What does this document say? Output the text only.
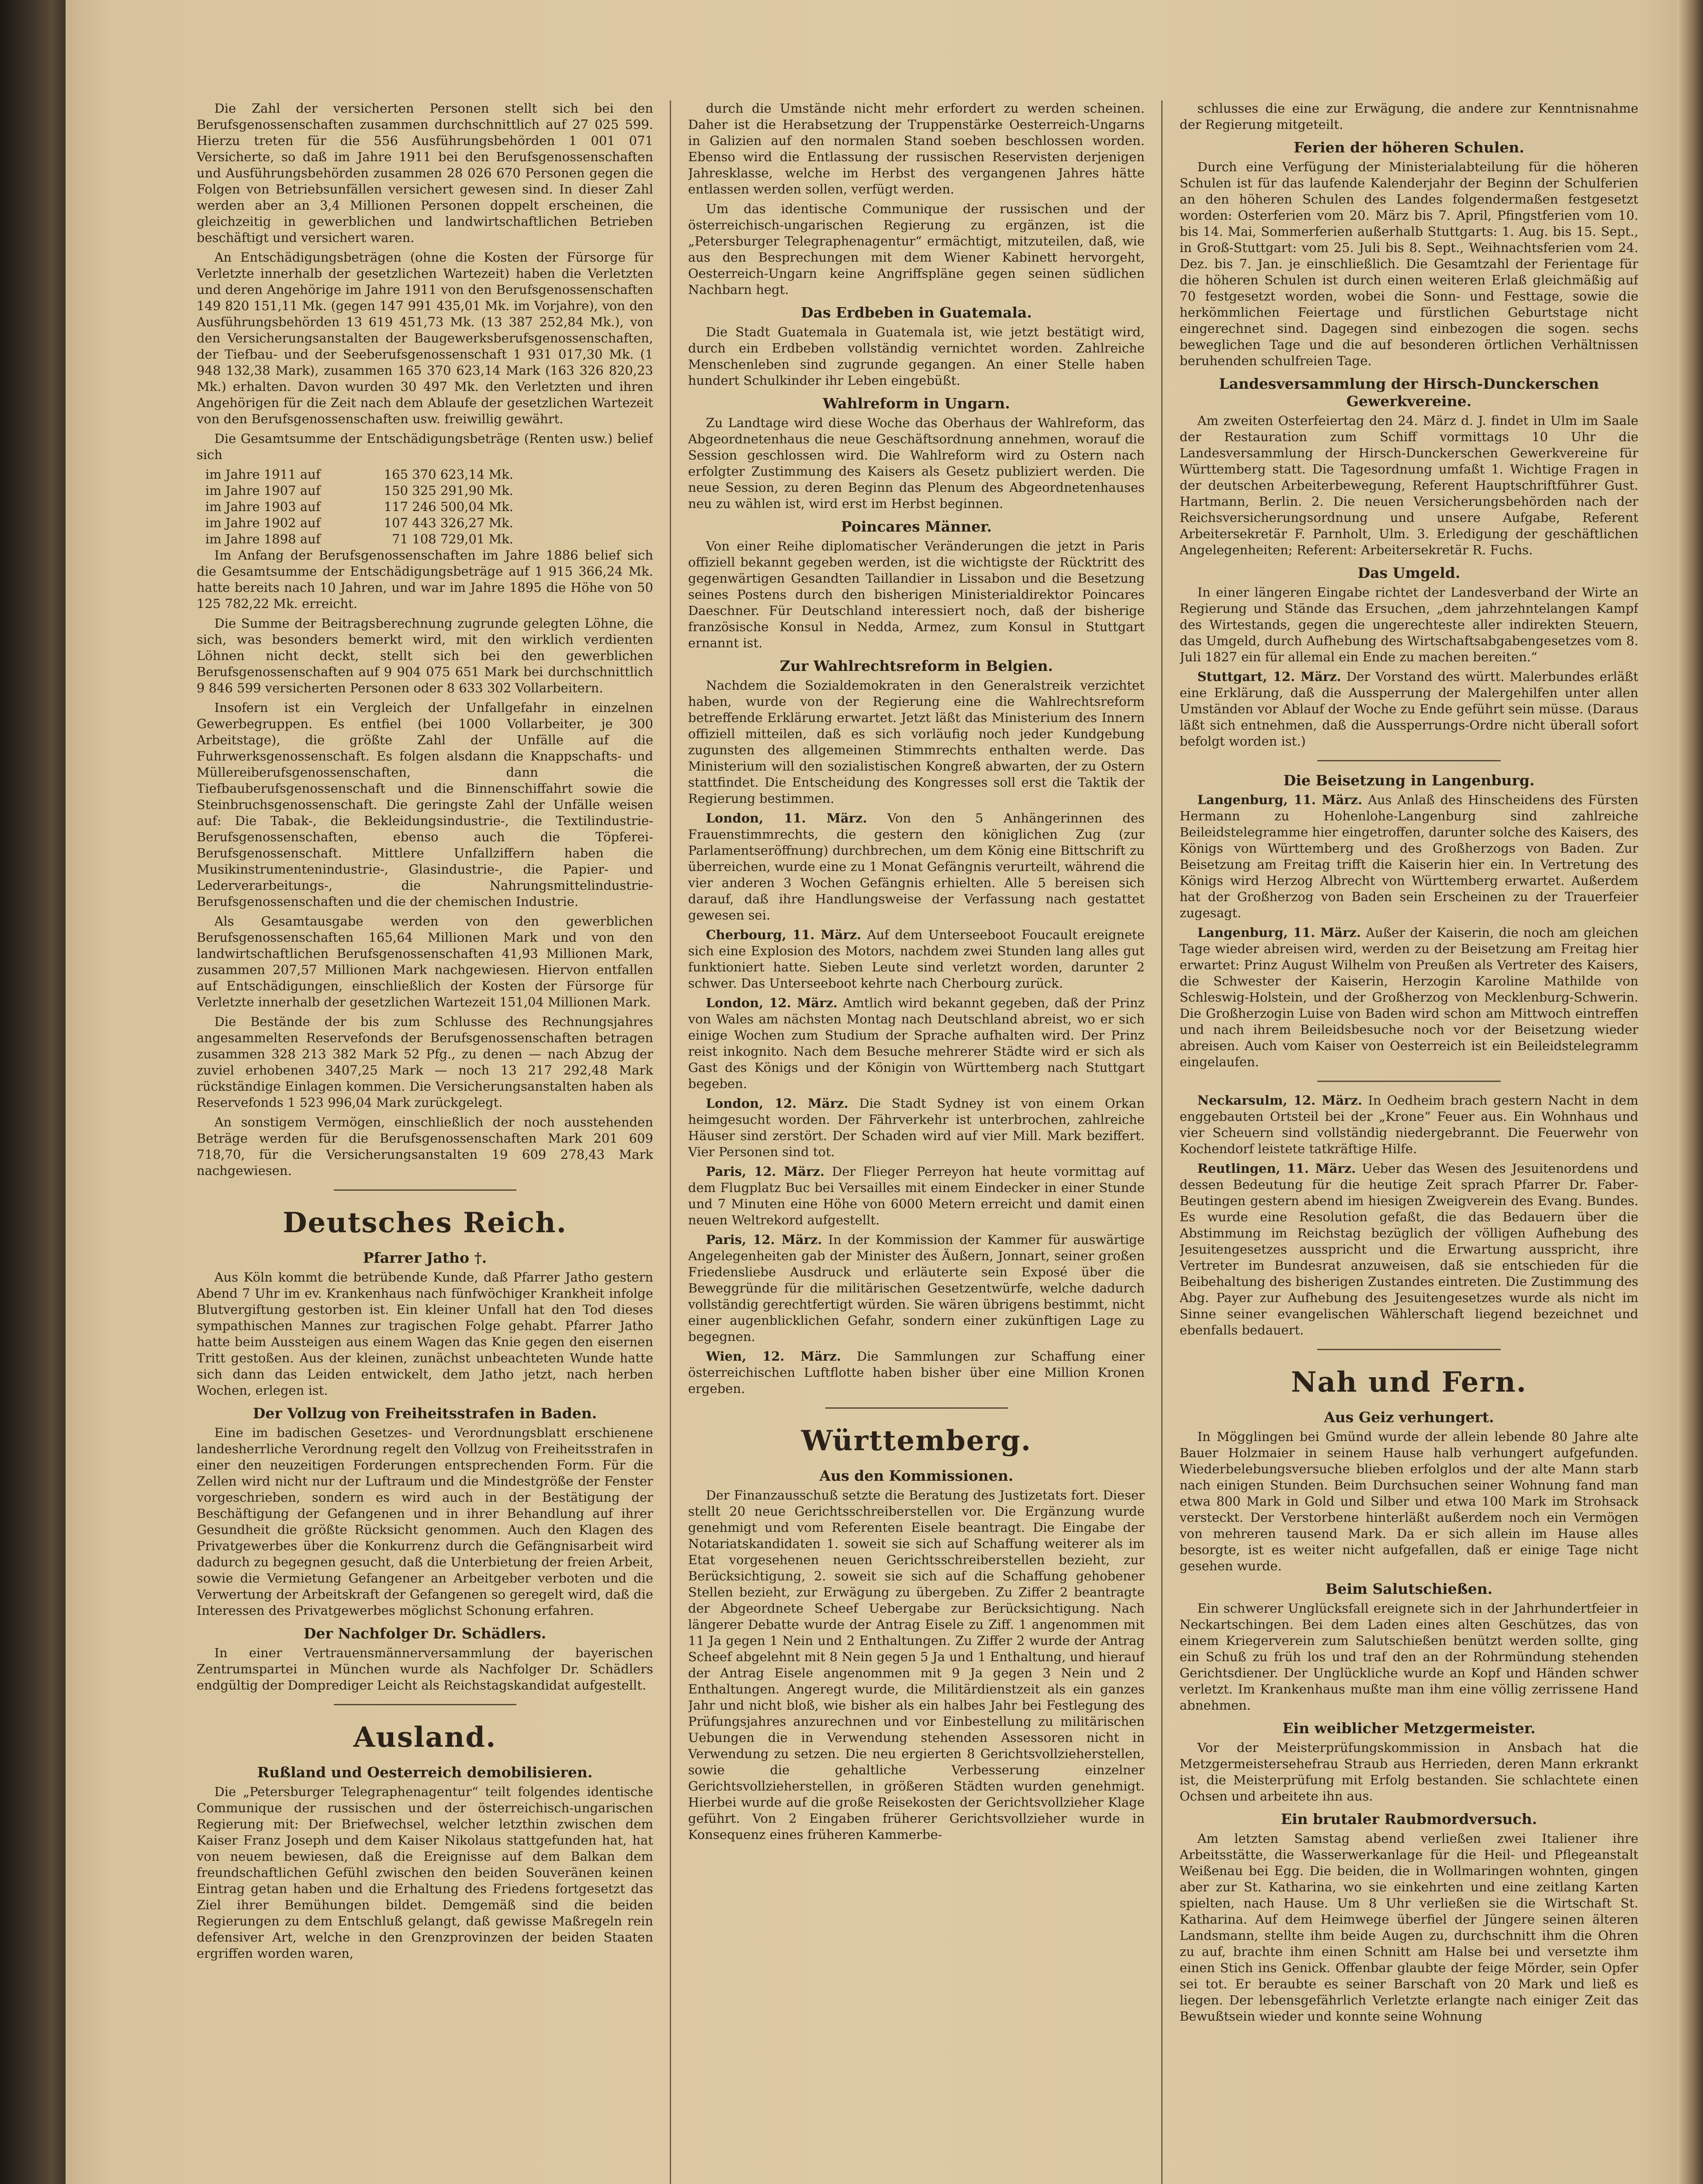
Die Zahl der versicherten Personen stellt sich bei den Berufsgenossenschaften zusammen durchschnittlich auf 27 025 599. Hierzu treten für die 556 Ausführungsbehörden 1 001 071 Versicherte, so daß im Jahre 1911 bei den Berufsgenossenschaften und Ausführungsbehörden zusammen 28 026 670 Personen gegen die Folgen von Betriebsunfällen versichert gewesen sind. In dieser Zahl werden aber an 3,4 Millionen Personen doppelt erscheinen, die gleichzeitig in gewerblichen und landwirtschaftlichen Betrieben beschäftigt und versichert waren.

An Entschädigungsbeträgen (ohne die Kosten der Fürsorge für Verletzte innerhalb der gesetzlichen Wartezeit) haben die Verletzten und deren Angehörige im Jahre 1911 von den Berufsgenossenschaften 149 820 151,11 Mk. (gegen 147 991 435,01 Mk. im Vorjahre), von den Ausführungsbehörden 13 619 451,73 Mk. (13 387 252,84 Mk.), von den Versicherungsanstalten der Baugewerksberufsgenossenschaften, der Tiefbau- und der Seeberufsgenossenschaft 1 931 017,30 Mk. (1 948 132,38 Mark), zusammen 165 370 623,14 Mark (163 326 820,23 Mk.) erhalten. Davon wurden 30 497 Mk. den Verletzten und ihren Angehörigen für die Zeit nach dem Ablaufe der gesetzlichen Wartezeit von den Berufsgenossenschaften usw. freiwillig gewährt.

Die Gesamtsumme der Entschädigungsbeträge (Renten usw.) belief sich

im Jahre 1911 auf	165 370 623,14 Mk.
im Jahre 1907 auf	150 325 291,90 Mk.
im Jahre 1903 auf	117 246 500,04 Mk.
im Jahre 1902 auf	107 443 326,27 Mk.
im Jahre 1898 auf	71 108 729,01 Mk.

Im Anfang der Berufsgenossenschaften im Jahre 1886 belief sich die Gesamtsumme der Entschädigungsbeträge auf 1 915 366,24 Mk. hatte bereits nach 10 Jahren, und war im Jahre 1895 die Höhe von 50 125 782,22 Mk. erreicht.

Die Summe der Beitragsberechnung zugrunde gelegten Löhne, die sich, was besonders bemerkt wird, mit den wirklich verdienten Löhnen nicht deckt, stellt sich bei den gewerblichen Berufsgenossenschaften auf 9 904 075 651 Mark bei durchschnittlich 9 846 599 versicherten Personen oder 8 633 302 Vollarbeitern.

Insofern ist ein Vergleich der Unfallgefahr in einzelnen Gewerbegruppen. Es entfiel (bei 1000 Vollarbeiter, je 300 Arbeitstage), die größte Zahl der Unfälle auf die Fuhrwerksgenossenschaft. Es folgen alsdann die Knappschafts- und Müllereiberufsgenossenschaften, dann die Tiefbauberufsgenossenschaft und die Binnenschiffahrt sowie die Steinbruchsgenossenschaft. Die geringste Zahl der Unfälle weisen auf: Die Tabak-, die Bekleidungsindustrie-, die Textilindustrie-Berufsgenossenschaften, ebenso auch die Töpferei-Berufsgenossenschaft. Mittlere Unfallziffern haben die Musikinstrumentenindustrie-, Glasindustrie-, die Papier- und Lederverarbeitungs-, die Nahrungsmittelindustrie-Berufsgenossenschaften und die der chemischen Industrie.

Als Gesamtausgabe werden von den gewerblichen Berufsgenossenschaften 165,64 Millionen Mark und von den landwirtschaftlichen Berufsgenossenschaften 41,93 Millionen Mark, zusammen 207,57 Millionen Mark nachgewiesen. Hiervon entfallen auf Entschädigungen, einschließlich der Kosten der Fürsorge für Verletzte innerhalb der gesetzlichen Wartezeit 151,04 Millionen Mark.

Die Bestände der bis zum Schlusse des Rechnungsjahres angesammelten Reservefonds der Berufsgenossenschaften betragen zusammen 328 213 382 Mark 52 Pfg., zu denen — nach Abzug der zuviel erhobenen 3407,25 Mark — noch 13 217 292,48 Mark rückständige Einlagen kommen. Die Versicherungsanstalten haben als Reservefonds 1 523 996,04 Mark zurückgelegt.

An sonstigem Vermögen, einschließlich der noch ausstehenden Beträge werden für die Berufsgenossenschaften Mark 201 609 718,70, für die Versicherungsanstalten 19 609 278,43 Mark nachgewiesen.

Deutsches Reich.
Pfarrer Jatho †.

Aus Köln kommt die betrübende Kunde, daß Pfarrer Jatho gestern Abend 7 Uhr im ev. Krankenhaus nach fünfwöchiger Krankheit infolge Blutvergiftung gestorben ist. Ein kleiner Unfall hat den Tod dieses sympathischen Mannes zur tragischen Folge gehabt. Pfarrer Jatho hatte beim Aussteigen aus einem Wagen das Knie gegen den eisernen Tritt gestoßen. Aus der kleinen, zunächst unbeachteten Wunde hatte sich dann das Leiden entwickelt, dem Jatho jetzt, nach herben Wochen, erlegen ist.

Der Vollzug von Freiheitsstrafen in Baden.

Eine im badischen Gesetzes- und Verordnungsblatt erschienene landesherrliche Verordnung regelt den Vollzug von Freiheitsstrafen in einer den neuzeitigen Forderungen entsprechenden Form. Für die Zellen wird nicht nur der Luftraum und die Mindestgröße der Fenster vorgeschrieben, sondern es wird auch in der Bestätigung der Beschäftigung der Gefangenen und in ihrer Behandlung auf ihrer Gesundheit die größte Rücksicht genommen. Auch den Klagen des Privatgewerbes über die Konkurrenz durch die Gefängnisarbeit wird dadurch zu begegnen gesucht, daß die Unterbietung der freien Arbeit, sowie die Vermietung Gefangener an Arbeitgeber verboten und die Verwertung der Arbeitskraft der Gefangenen so geregelt wird, daß die Interessen des Privatgewerbes möglichst Schonung erfahren.

Der Nachfolger Dr. Schädlers.

In einer Vertrauensmännerversammlung der bayerischen Zentrumspartei in München wurde als Nachfolger Dr. Schädlers endgültig der Domprediger Leicht als Reichstagskandidat aufgestellt.

Ausland.
Rußland und Oesterreich demobilisieren.

Die „Petersburger Telegraphenagentur“ teilt folgendes identische Communique der russischen und der österreichisch-ungarischen Regierung mit: Der Briefwechsel, welcher letzthin zwischen dem Kaiser Franz Joseph und dem Kaiser Nikolaus stattgefunden hat, hat von neuem bewiesen, daß die Ereignisse auf dem Balkan dem freundschaftlichen Gefühl zwischen den beiden Souveränen keinen Eintrag getan haben und die Erhaltung des Friedens fortgesetzt das Ziel ihrer Bemühungen bildet. Demgemäß sind die beiden Regierungen zu dem Entschluß gelangt, daß gewisse Maßregeln rein defensiver Art, welche in den Grenzprovinzen der beiden Staaten ergriffen worden waren,

durch die Umstände nicht mehr erfordert zu werden scheinen. Daher ist die Herabsetzung der Truppenstärke Oesterreich-Ungarns in Galizien auf den normalen Stand soeben beschlossen worden. Ebenso wird die Entlassung der russischen Reservisten derjenigen Jahresklasse, welche im Herbst des vergangenen Jahres hätte entlassen werden sollen, verfügt werden.

Um das identische Communique der russischen und der österreichisch-ungarischen Regierung zu ergänzen, ist die „Petersburger Telegraphenagentur“ ermächtigt, mitzuteilen, daß, wie aus den Besprechungen mit dem Wiener Kabinett hervorgeht, Oesterreich-Ungarn keine Angriffspläne gegen seinen südlichen Nachbarn hegt.

Das Erdbeben in Guatemala.

Die Stadt Guatemala in Guatemala ist, wie jetzt bestätigt wird, durch ein Erdbeben vollständig vernichtet worden. Zahlreiche Menschenleben sind zugrunde gegangen. An einer Stelle haben hundert Schulkinder ihr Leben eingebüßt.

Wahlreform in Ungarn.

Zu Landtage wird diese Woche das Oberhaus der Wahlreform, das Abgeordnetenhaus die neue Geschäftsordnung annehmen, worauf die Session geschlossen wird. Die Wahlreform wird zu Ostern nach erfolgter Zustimmung des Kaisers als Gesetz publiziert werden. Die neue Session, zu deren Beginn das Plenum des Abgeordnetenhauses neu zu wählen ist, wird erst im Herbst beginnen.

Poincares Männer.

Von einer Reihe diplomatischer Veränderungen die jetzt in Paris offiziell bekannt gegeben werden, ist die wichtigste der Rücktritt des gegenwärtigen Gesandten Taillandier in Lissabon und die Besetzung seines Postens durch den bisherigen Ministerialdirektor Poincares Daeschner. Für Deutschland interessiert noch, daß der bisherige französische Konsul in Nedda, Armez, zum Konsul in Stuttgart ernannt ist.

Zur Wahlrechtsreform in Belgien.

Nachdem die Sozialdemokraten in den Generalstreik verzichtet haben, wurde von der Regierung eine die Wahlrechtsreform betreffende Erklärung erwartet. Jetzt läßt das Ministerium des Innern offiziell mitteilen, daß es sich vorläufig noch jeder Kundgebung zugunsten des allgemeinen Stimmrechts enthalten werde. Das Ministerium will den sozialistischen Kongreß abwarten, der zu Ostern stattfindet. Die Entscheidung des Kongresses soll erst die Taktik der Regierung bestimmen.

London, 11. März. Von den 5 Anhängerinnen des Frauenstimmrechts, die gestern den königlichen Zug (zur Parlamentseröffnung) durchbrechen, um dem König eine Bittschrift zu überreichen, wurde eine zu 1 Monat Gefängnis verurteilt, während die vier anderen 3 Wochen Gefängnis erhielten. Alle 5 bereisen sich darauf, daß ihre Handlungsweise der Verfassung nach gestattet gewesen sei.

Cherbourg, 11. März. Auf dem Unterseeboot Foucault ereignete sich eine Explosion des Motors, nachdem zwei Stunden lang alles gut funktioniert hatte. Sieben Leute sind verletzt worden, darunter 2 schwer. Das Unterseeboot kehrte nach Cherbourg zurück.

London, 12. März. Amtlich wird bekannt gegeben, daß der Prinz von Wales am nächsten Montag nach Deutschland abreist, wo er sich einige Wochen zum Studium der Sprache aufhalten wird. Der Prinz reist inkognito. Nach dem Besuche mehrerer Städte wird er sich als Gast des Königs und der Königin von Württemberg nach Stuttgart begeben.

London, 12. März. Die Stadt Sydney ist von einem Orkan heimgesucht worden. Der Fährverkehr ist unterbrochen, zahlreiche Häuser sind zerstört. Der Schaden wird auf vier Mill. Mark beziffert. Vier Personen sind tot.

Paris, 12. März. Der Flieger Perreyon hat heute vormittag auf dem Flugplatz Buc bei Versailles mit einem Eindecker in einer Stunde und 7 Minuten eine Höhe von 6000 Metern erreicht und damit einen neuen Weltrekord aufgestellt.

Paris, 12. März. In der Kommission der Kammer für auswärtige Angelegenheiten gab der Minister des Äußern, Jonnart, seiner großen Friedensliebe Ausdruck und erläuterte sein Exposé über die Beweggründe für die militärischen Gesetzentwürfe, welche dadurch vollständig gerechtfertigt würden. Sie wären übrigens bestimmt, nicht einer augenblicklichen Gefahr, sondern einer zukünftigen Lage zu begegnen.

Wien, 12. März. Die Sammlungen zur Schaffung einer österreichischen Luftflotte haben bisher über eine Million Kronen ergeben.

Württemberg.
Aus den Kommissionen.

Der Finanzausschuß setzte die Beratung des Justizetats fort. Dieser stellt 20 neue Gerichtsschreiberstellen vor. Die Ergänzung wurde genehmigt und vom Referenten Eisele beantragt. Die Eingabe der Notariatskandidaten 1. soweit sie sich auf Schaffung weiterer als im Etat vorgesehenen neuen Gerichtsschreiberstellen bezieht, zur Berücksichtigung, 2. soweit sie sich auf die Schaffung gehobener Stellen bezieht, zur Erwägung zu übergeben. Zu Ziffer 2 beantragte der Abgeordnete Scheef Uebergabe zur Berücksichtigung. Nach längerer Debatte wurde der Antrag Eisele zu Ziff. 1 angenommen mit 11 Ja gegen 1 Nein und 2 Enthaltungen. Zu Ziffer 2 wurde der Antrag Scheef abgelehnt mit 8 Nein gegen 5 Ja und 1 Enthaltung, und hierauf der Antrag Eisele angenommen mit 9 Ja gegen 3 Nein und 2 Enthaltungen. Angeregt wurde, die Militärdienstzeit als ein ganzes Jahr und nicht bloß, wie bisher als ein halbes Jahr bei Festlegung des Prüfungsjahres anzurechnen und vor Einbestellung zu militärischen Uebungen die in Verwendung stehenden Assessoren nicht in Verwendung zu setzen. Die neu ergierten 8 Gerichtsvollzieherstellen, sowie die gehaltliche Verbesserung einzelner Gerichtsvollzieherstellen, in größeren Städten wurden genehmigt. Hierbei wurde auf die große Reisekosten der Gerichtsvollzieher Klage geführt. Von 2 Eingaben früherer Gerichtsvollzieher wurde in Konsequenz eines früheren Kammerbe-

schlusses die eine zur Erwägung, die andere zur Kenntnisnahme der Regierung mitgeteilt.

Ferien der höheren Schulen.

Durch eine Verfügung der Ministerialabteilung für die höheren Schulen ist für das laufende Kalenderjahr der Beginn der Schulferien an den höheren Schulen des Landes folgendermaßen festgesetzt worden: Osterferien vom 20. März bis 7. April, Pfingstferien vom 10. bis 14. Mai, Sommerferien außerhalb Stuttgarts: 1. Aug. bis 15. Sept., in Groß-Stuttgart: vom 25. Juli bis 8. Sept., Weihnachtsferien vom 24. Dez. bis 7. Jan. je einschließlich. Die Gesamtzahl der Ferientage für die höheren Schulen ist durch einen weiteren Erlaß gleichmäßig auf 70 festgesetzt worden, wobei die Sonn- und Festtage, sowie die herkömmlichen Feiertage und fürstlichen Geburtstage nicht eingerechnet sind. Dagegen sind einbezogen die sogen. sechs beweglichen Tage und die auf besonderen örtlichen Verhältnissen beruhenden schulfreien Tage.

Landesversammlung der Hirsch-Dunckerschen Gewerkvereine.

Am zweiten Osterfeiertag den 24. März d. J. findet in Ulm im Saale der Restauration zum Schiff vormittags 10 Uhr die Landesversammlung der Hirsch-Dunckerschen Gewerkvereine für Württemberg statt. Die Tagesordnung umfaßt 1. Wichtige Fragen in der deutschen Arbeiterbewegung, Referent Hauptschriftführer Gust. Hartmann, Berlin. 2. Die neuen Versicherungsbehörden nach der Reichsversicherungsordnung und unsere Aufgabe, Referent Arbeitersekretär F. Parnholt, Ulm. 3. Erledigung der geschäftlichen Angelegenheiten; Referent: Arbeitersekretär R. Fuchs.

Das Umgeld.

In einer längeren Eingabe richtet der Landesverband der Wirte an Regierung und Stände das Ersuchen, „dem jahrzehntelangen Kampf des Wirtestands, gegen die ungerechteste aller indirekten Steuern, das Umgeld, durch Aufhebung des Wirtschaftsabgabengesetzes vom 8. Juli 1827 ein für allemal ein Ende zu machen bereiten.“

Stuttgart, 12. März. Der Vorstand des württ. Malerbundes erläßt eine Erklärung, daß die Aussperrung der Malergehilfen unter allen Umständen vor Ablauf der Woche zu Ende geführt sein müsse. (Daraus läßt sich entnehmen, daß die Aussperrungs-Ordre nicht überall sofort befolgt worden ist.)

Die Beisetzung in Langenburg.

Langenburg, 11. März. Aus Anlaß des Hinscheidens des Fürsten Hermann zu Hohenlohe-Langenburg sind zahlreiche Beileidstelegramme hier eingetroffen, darunter solche des Kaisers, des Königs von Württemberg und des Großherzogs von Baden. Zur Beisetzung am Freitag trifft die Kaiserin hier ein. In Vertretung des Königs wird Herzog Albrecht von Württemberg erwartet. Außerdem hat der Großherzog von Baden sein Erscheinen zu der Trauerfeier zugesagt.

Langenburg, 11. März. Außer der Kaiserin, die noch am gleichen Tage wieder abreisen wird, werden zu der Beisetzung am Freitag hier erwartet: Prinz August Wilhelm von Preußen als Vertreter des Kaisers, die Schwester der Kaiserin, Herzogin Karoline Mathilde von Schleswig-Holstein, und der Großherzog von Mecklenburg-Schwerin. Die Großherzogin Luise von Baden wird schon am Mittwoch eintreffen und nach ihrem Beileidsbesuche noch vor der Beisetzung wieder abreisen. Auch vom Kaiser von Oesterreich ist ein Beileidstelegramm eingelaufen.

Neckarsulm, 12. März. In Oedheim brach gestern Nacht in dem enggebauten Ortsteil bei der „Krone“ Feuer aus. Ein Wohnhaus und vier Scheuern sind vollständig niedergebrannt. Die Feuerwehr von Kochendorf leistete tatkräftige Hilfe.

Reutlingen, 11. März. Ueber das Wesen des Jesuitenordens und dessen Bedeutung für die heutige Zeit sprach Pfarrer Dr. Faber-Beutingen gestern abend im hiesigen Zweigverein des Evang. Bundes. Es wurde eine Resolution gefaßt, die das Bedauern über die Abstimmung im Reichstag bezüglich der völligen Aufhebung des Jesuitengesetzes ausspricht und die Erwartung ausspricht, ihre Vertreter im Bundesrat anzuweisen, daß sie entschieden für die Beibehaltung des bisherigen Zustandes eintreten. Die Zustimmung des Abg. Payer zur Aufhebung des Jesuitengesetzes wurde als nicht im Sinne seiner evangelischen Wählerschaft liegend bezeichnet und ebenfalls bedauert.

Nah und Fern.
Aus Geiz verhungert.

In Mögglingen bei Gmünd wurde der allein lebende 80 Jahre alte Bauer Holzmaier in seinem Hause halb verhungert aufgefunden. Wiederbelebungsversuche blieben erfolglos und der alte Mann starb nach einigen Stunden. Beim Durchsuchen seiner Wohnung fand man etwa 800 Mark in Gold und Silber und etwa 100 Mark im Strohsack versteckt. Der Verstorbene hinterläßt außerdem noch ein Vermögen von mehreren tausend Mark. Da er sich allein im Hause alles besorgte, ist es weiter nicht aufgefallen, daß er einige Tage nicht gesehen wurde.

Beim Salutschießen.

Ein schwerer Unglücksfall ereignete sich in der Jahrhundertfeier in Neckartschingen. Bei dem Laden eines alten Geschützes, das von einem Kriegerverein zum Salutschießen benützt werden sollte, ging ein Schuß zu früh los und traf den an der Rohrmündung stehenden Gerichtsdiener. Der Unglückliche wurde an Kopf und Händen schwer verletzt. Im Krankenhaus mußte man ihm eine völlig zerrissene Hand abnehmen.

Ein weiblicher Metzgermeister.

Vor der Meisterprüfungskommission in Ansbach hat die Metzgermeistersehefrau Straub aus Herrieden, deren Mann erkrankt ist, die Meisterprüfung mit Erfolg bestanden. Sie schlachtete einen Ochsen und arbeitete ihn aus.

Ein brutaler Raubmordversuch.

Am letzten Samstag abend verließen zwei Italiener ihre Arbeitsstätte, die Wasserwerkanlage für die Heil- und Pflegeanstalt Weißenau bei Egg. Die beiden, die in Wollmaringen wohnten, gingen aber zur St. Katharina, wo sie einkehrten und eine zeitlang Karten spielten, nach Hause. Um 8 Uhr verließen sie die Wirtschaft St. Katharina. Auf dem Heimwege überfiel der Jüngere seinen älteren Landsmann, stellte ihm beide Augen zu, durchschnitt ihm die Ohren zu auf, brachte ihm einen Schnitt am Halse bei und versetzte ihm einen Stich ins Genick. Offenbar glaubte der feige Mörder, sein Opfer sei tot. Er beraubte es seiner Barschaft von 20 Mark und ließ es liegen. Der lebensgefährlich Verletzte erlangte nach einiger Zeit das Bewußtsein wieder und konnte seine Wohnung
